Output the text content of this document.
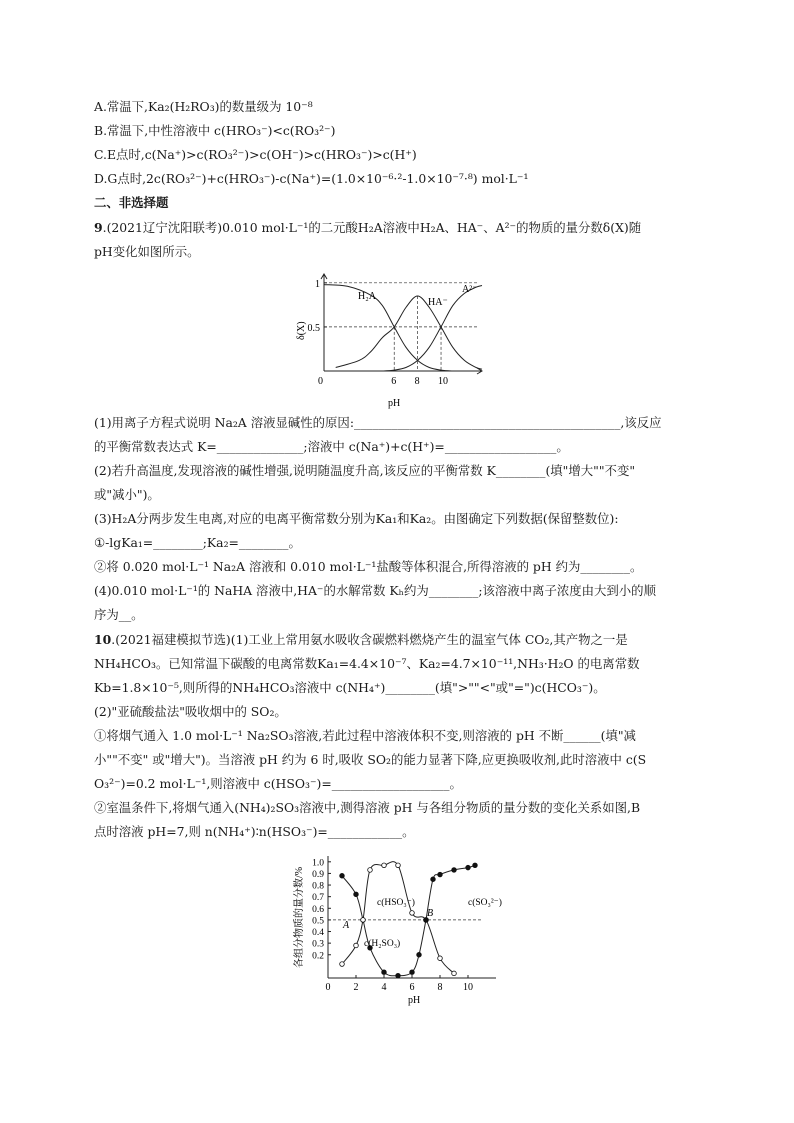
A.常温下,Ka₂(H₂RO₃)的数量级为 10⁻⁸
B.常温下,中性溶液中 c(HRO₃⁻)<c(RO₃²⁻)
C.E点时,c(Na⁺)>c(RO₃²⁻)>c(OH⁻)>c(HRO₃⁻)>c(H⁺)
D.G点时,2c(RO₃²⁻)+c(HRO₃⁻)-c(Na⁺)=(1.0×10⁻⁶·²-1.0×10⁻⁷·⁸) mol·L⁻¹
二、非选择题
9.(2021辽宁沈阳联考)0.010 mol·L⁻¹的二元酸H₂A溶液中H₂A、HA⁻、A²⁻的物质的量分数δ(X)随
pH变化如图所示。
0	6 8 10
0.5
1
pH
δ(X)
H₂A
HA⁻
A²⁻
(1)用离子方程式说明 Na₂A 溶液显碱性的原因:___________________________________________,该反应
的平衡常数表达式 K=______________;溶液中 c(Na⁺)+c(H⁺)=__________________。
(2)若升高温度,发现溶液的碱性增强,说明随温度升高,该反应的平衡常数 K________(填"增大""不变"
或"减小")。
(3)H₂A分两步发生电离,对应的电离平衡常数分别为Ka₁和Ka₂。由图确定下列数据(保留整数位):
①-lgKa₁=________;Ka₂=________。
②将 0.020 mol·L⁻¹ Na₂A 溶液和 0.010 mol·L⁻¹盐酸等体积混合,所得溶液的 pH 约为________。
(4)0.010 mol·L⁻¹的 NaHA 溶液中,HA⁻的水解常数 Kₕ约为________;该溶液中离子浓度由大到小的顺
序为__。
10.(2021福建模拟节选)(1)工业上常用氨水吸收含碳燃料燃烧产生的温室气体 CO₂,其产物之一是
NH₄HCO₃。已知常温下碳酸的电离常数Ka₁=4.4×10⁻⁷、Ka₂=4.7×10⁻¹¹,NH₃·H₂O 的电离常数
Kb=1.8×10⁻⁵,则所得的NH₄HCO₃溶液中 c(NH₄⁺)________(填">""<"或"=")c(HCO₃⁻)。
(2)"亚硫酸盐法"吸收烟中的 SO₂。
①将烟气通入 1.0 mol·L⁻¹ Na₂SO₃溶液,若此过程中溶液体积不变,则溶液的 pH 不断______(填"减
小""不变" 或"增大")。当溶液 pH 约为 6 时,吸收 SO₂的能力显著下降,应更换吸收剂,此时溶液中 c(S
O₃²⁻)=0.2 mol·L⁻¹,则溶液中 c(HSO₃⁻)=___________________。
②室温条件下,将烟气通入(NH₄)₂SO₃溶液中,测得溶液 pH 与各组分物质的量分数的变化关系如图,B
点时溶液 pH=7,则 n(NH₄⁺)∶n(HSO₃⁻)=____________。
0 2 4 6 8 10
0.2
0.3
0.4
0.5
0.6
0.7
0.8
0.9
1.0
pH
各组分物质的量分数/%	c(HSO₃⁻)	c(SO₃²⁻)
c(H₂SO₃)
A
B
